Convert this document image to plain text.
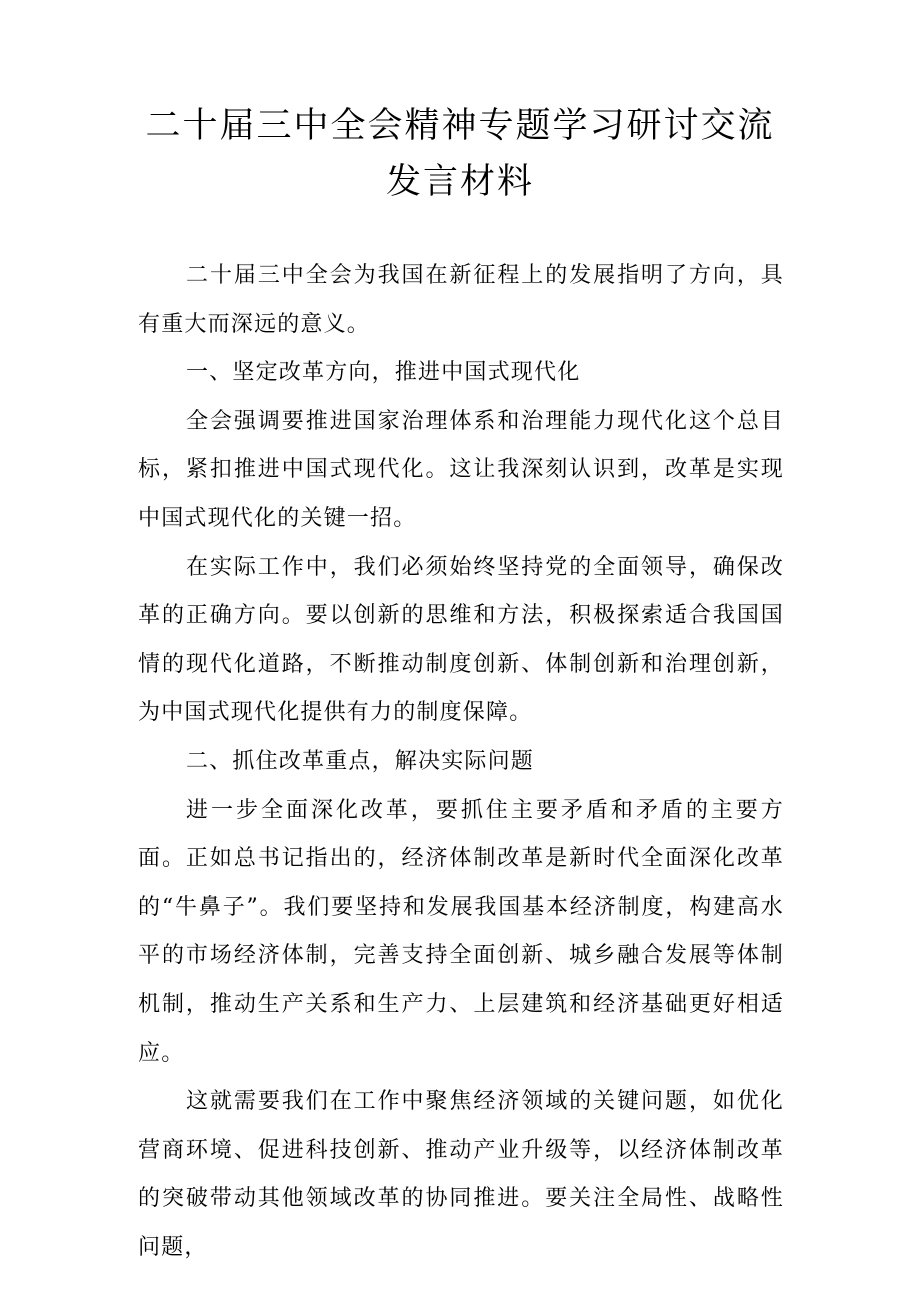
二十届三中全会精神专题学习研讨交流发言材料

二十届三中全会为我国在新征程上的发展指明了方向，具有重大而深远的意义。

一、坚定改革方向，推进中国式现代化

全会强调要推进国家治理体系和治理能力现代化这个总目标，紧扣推进中国式现代化。这让我深刻认识到，改革是实现中国式现代化的关键一招。

在实际工作中，我们必须始终坚持党的全面领导，确保改革的正确方向。要以创新的思维和方法，积极探索适合我国国情的现代化道路，不断推动制度创新、体制创新和治理创新，为中国式现代化提供有力的制度保障。

二、抓住改革重点，解决实际问题

进一步全面深化改革，要抓住主要矛盾和矛盾的主要方面。正如总书记指出的，经济体制改革是新时代全面深化改革的“牛鼻子”。我们要坚持和发展我国基本经济制度，构建高水平的市场经济体制，完善支持全面创新、城乡融合发展等体制机制，推动生产关系和生产力、上层建筑和经济基础更好相适应。

这就需要我们在工作中聚焦经济领域的关键问题，如优化营商环境、促进科技创新、推动产业升级等，以经济体制改革的突破带动其他领域改革的协同推进。要关注全局性、战略性问题，
